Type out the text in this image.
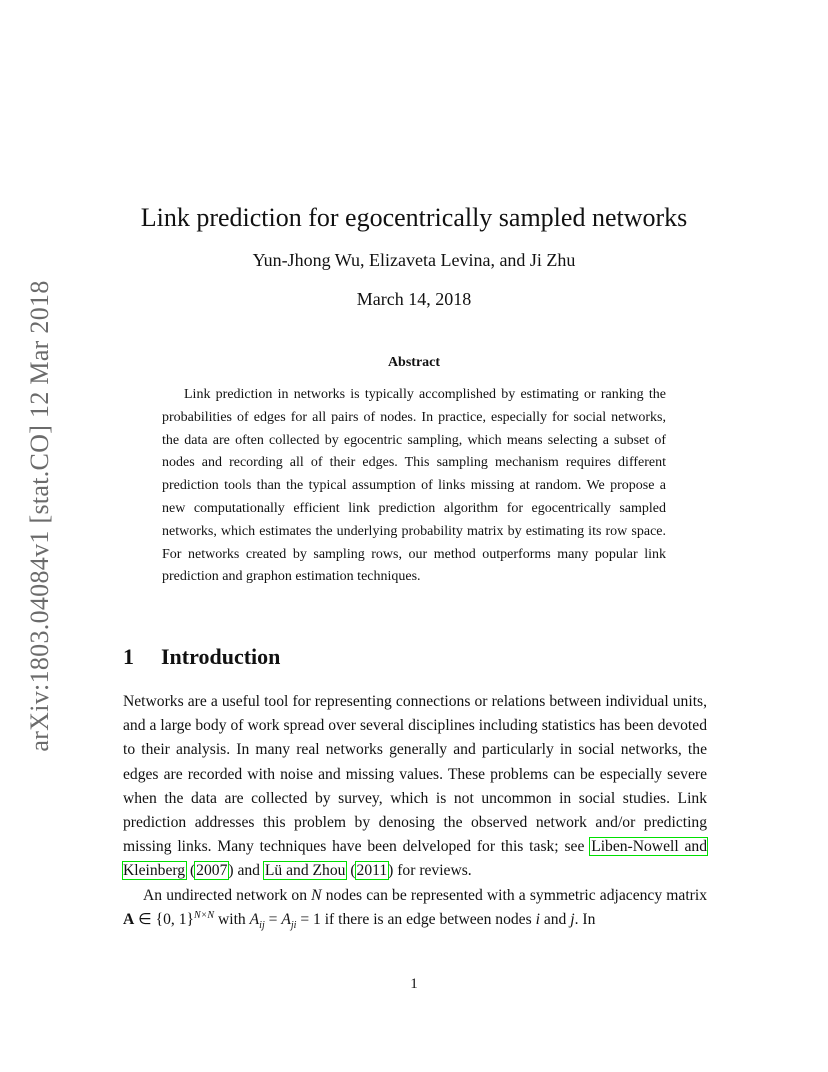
arXiv:1803.04084v1 [stat.CO] 12 Mar 2018
Link prediction for egocentrically sampled networks
Yun-Jhong Wu, Elizaveta Levina, and Ji Zhu
March 14, 2018
Abstract
Link prediction in networks is typically accomplished by estimating or ranking the probabilities of edges for all pairs of nodes. In practice, especially for social networks, the data are often collected by egocentric sampling, which means selecting a subset of nodes and recording all of their edges. This sampling mechanism requires different prediction tools than the typical assumption of links missing at random. We propose a new computationally efficient link prediction algorithm for egocentrically sampled networks, which estimates the underlying probability matrix by estimating its row space. For networks created by sampling rows, our method outperforms many popular link prediction and graphon estimation techniques.
1 Introduction

Networks are a useful tool for representing connections or relations between individual units, and a large body of work spread over several disciplines including statistics has been devoted to their analysis. In many real networks generally and particularly in social networks, the edges are recorded with noise and missing values. These problems can be especially severe when the data are collected by survey, which is not uncommon in social studies. Link prediction addresses this problem by denosing the observed network and/or predicting missing links. Many techniques have been delveloped for this task; see Liben-Nowell and Kleinberg (2007) and Lü and Zhou (2011) for reviews.

An undirected network on N nodes can be represented with a symmetric adjacency matrix A ∈ {0, 1}$^{N\times N}$ with $A_{ij} = A_{ji} = 1$ if there is an edge between nodes i and j. In

1
